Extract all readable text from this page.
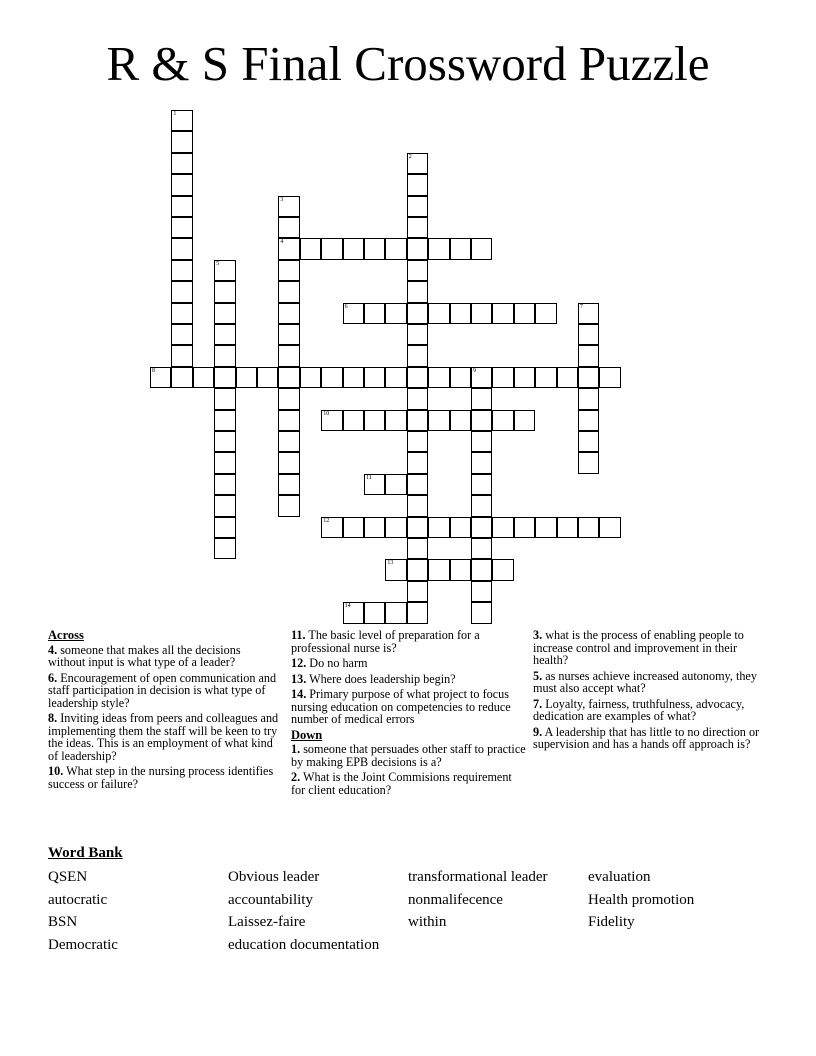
R & S Final Crossword Puzzle
1
2
3
4
5
6	7
8	9
10
11
12
13
14
Across
4. someone that makes all the decisions without input is what type of a leader?
6. Encouragement of open communication and staff participation in decision is what type of leadership style?
8. Inviting ideas from peers and colleagues and implementing them the staff will be keen to try the ideas. This is an employment of what kind of leadership?
10. What step in the nursing process identifies success or failure?
11. The basic level of preparation for a professional nurse is?
12. Do no harm
13. Where does leadership begin?
14. Primary purpose of what project to focus nursing education on competencies to reduce number of medical errors
Down
1. someone that persuades other staff to practice by making EPB decisions is a?
2. What is the Joint Commisions requirement for client education?
3. what is the process of enabling people to increase control and improvement in their health?
5. as nurses achieve increased autonomy, they must also accept what?
7. Loyalty, fairness, truthfulness, advocacy, dedication are examples of what?
9. A leadership that has little to no direction or supervision and has a hands off approach is?
Word Bank
QSEN
autocratic
BSN
Democratic
Obvious leader
accountability
Laissez-faire
education documentation
transformational leader
nonmalifecence
within
evaluation
Health promotion
Fidelity
